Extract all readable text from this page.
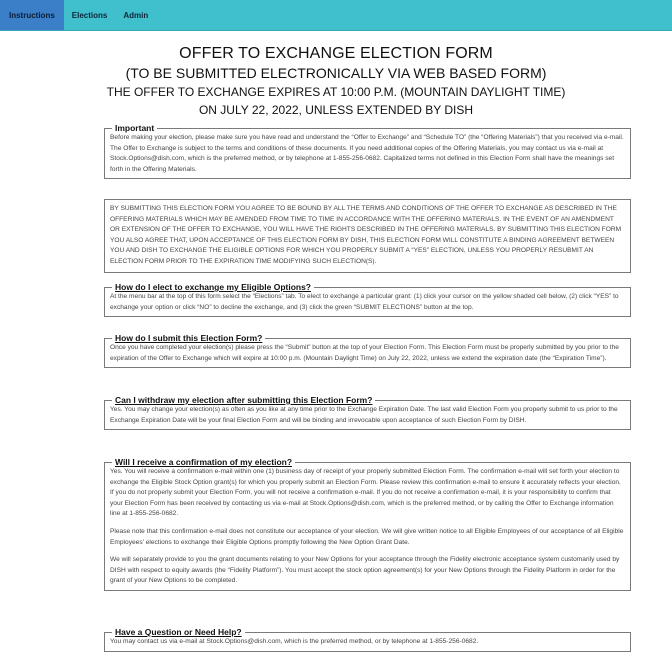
Instructions	Elections	Admin
OFFER TO EXCHANGE ELECTION FORM
(TO BE SUBMITTED ELECTRONICALLY VIA WEB BASED FORM)
THE OFFER TO EXCHANGE EXPIRES AT 10:00 P.M. (MOUNTAIN DAYLIGHT TIME)
ON JULY 22, 2022, UNLESS EXTENDED BY DISH
Important

Before making your election, please make sure you have read and understand the “Offer to Exchange” and “Schedule TO” (the “Offering Materials”) that you received via e-mail. The Offer to Exchange is subject to the terms and conditions of these documents. If you need additional copies of the Offering Materials, you may contact us via e-mail at Stock.Options@dish.com, which is the preferred method, or by telephone at 1-855-256-0682. Capitalized terms not defined in this Election Form shall have the meanings set forth in the Offering Materials.

BY SUBMITTING THIS ELECTION FORM YOU AGREE TO BE BOUND BY ALL THE TERMS AND CONDITIONS OF THE OFFER TO EXCHANGE AS DESCRIBED IN THE OFFERING MATERIALS WHICH MAY BE AMENDED FROM TIME TO TIME IN ACCORDANCE WITH THE OFFERING MATERIALS. IN THE EVENT OF AN AMENDMENT OR EXTENSION OF THE OFFER TO EXCHANGE, YOU WILL HAVE THE RIGHTS DESCRIBED IN THE OFFERING MATERIALS. BY SUBMITTING THIS ELECTION FORM YOU ALSO AGREE THAT, UPON ACCEPTANCE OF THIS ELECTION FORM BY DISH, THIS ELECTION FORM WILL CONSTITUTE A BINDING AGREEMENT BETWEEN YOU AND DISH TO EXCHANGE THE ELIGIBLE OPTIONS FOR WHICH YOU PROPERLY SUBMIT A “YES” ELECTION, UNLESS YOU PROPERLY RESUBMIT AN ELECTION FORM PRIOR TO THE EXPIRATION TIME MODIFYING SUCH ELECTION(S).

How do I elect to exchange my Eligible Options?

At the menu bar at the top of this form select the “Elections” tab. To elect to exchange a particular grant: (1) click your cursor on the yellow shaded cell below, (2) click “YES” to exchange your option or click “NO” to decline the exchange, and (3) click the green “SUBMIT ELECTIONS” button at the top.

How do I submit this Election Form?

Once you have completed your election(s) please press the “Submit” button at the top of your Election Form. This Election Form must be properly submitted by you prior to the expiration of the Offer to Exchange which will expire at 10:00 p.m. (Mountain Daylight Time) on July 22, 2022, unless we extend the expiration date (the “Expiration Time”).

Can I withdraw my election after submitting this Election Form?

Yes. You may change your election(s) as often as you like at any time prior to the Exchange Expiration Date. The last valid Election Form you properly submit to us prior to the Exchange Expiration Date will be your final Election Form and will be binding and irrevocable upon acceptance of such Election Form by DISH.

Will I receive a confirmation of my election?

Yes. You will receive a confirmation e-mail within one (1) business day of receipt of your properly submitted Election Form. The confirmation e-mail will set forth your election to exchange the Eligible Stock Option grant(s) for which you properly submit an Election Form. Please review this confirmation e-mail to ensure it accurately reflects your election. If you do not properly submit your Election Form, you will not receive a confirmation e-mail. If you do not receive a confirmation e-mail, it is your responsibility to confirm that your Election Form has been received by contacting us via e-mail at Stock.Options@dish.com, which is the preferred method, or by calling the Offer to Exchange information line at 1-855-256-0682.

Please note that this confirmation e-mail does not constitute our acceptance of your election. We will give written notice to all Eligible Employees of our acceptance of all Eligible Employees' elections to exchange their Eligible Options promptly following the New Option Grant Date.

We will separately provide to you the grant documents relating to your New Options for your acceptance through the Fidelity electronic acceptance system customarily used by DISH with respect to equity awards (the “Fidelity Platform”). You must accept the stock option agreement(s) for your New Options through the Fidelity Platform in order for the grant of your New Options to be completed.

Have a Question or Need Help?

You may contact us via e-mail at Stock.Options@dish.com, which is the preferred method, or by telephone at 1-855-256-0682.
